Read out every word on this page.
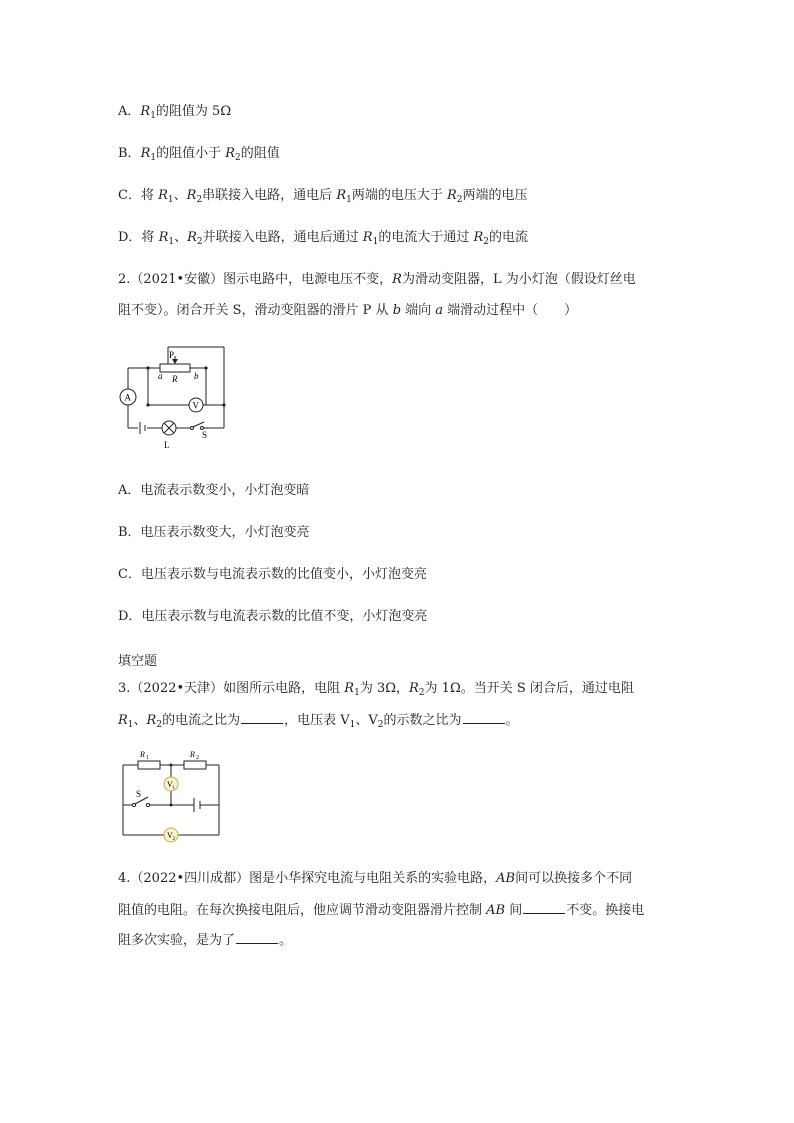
A．$R_1$的阻值为 5Ω
B．$R_1$的阻值小于 $R_2$的阻值
C．将 $R_1$、$R_2$串联接入电路，通电后 $R_1$两端的电压大于 $R_2$两端的电压
D．将 $R_1$、$R_2$并联接入电路，通电后通过 $R_1$的电流大于通过 $R_2$的电流
2.（2021•安徽）图示电路中，电源电压不变，R为滑动变阻器，L 为小灯泡（假设灯丝电
阻不变）。闭合开关 S，滑动变阻器的滑片 P 从 b 端向 a 端滑动过程中（　　）
P
R
a	b
A
V
L
S
A．电流表示数变小，小灯泡变暗
B．电压表示数变大，小灯泡变亮
C．电压表示数与电流表示数的比值变小，小灯泡变亮
D．电压表示数与电流表示数的比值不变，小灯泡变亮
填空题
3.（2022•天津）如图所示电路，电阻 $R_1$为 3Ω，$R_2$为 1Ω。当开关 S 闭合后，通过电阻
$R_1$、$R_2$的电流之比为	，电压表 $V_1$、$V_2$的示数之比为	。
R 1	R 2
S
V 1
V 2
4.（2022•四川成都）图是小华探究电流与电阻关系的实验电路，AB间可以换接多个不同
阻值的电阻。在每次换接电阻后，他应调节滑动变阻器滑片控制 AB 间	不变。换接电
阻多次实验，是为了	。
